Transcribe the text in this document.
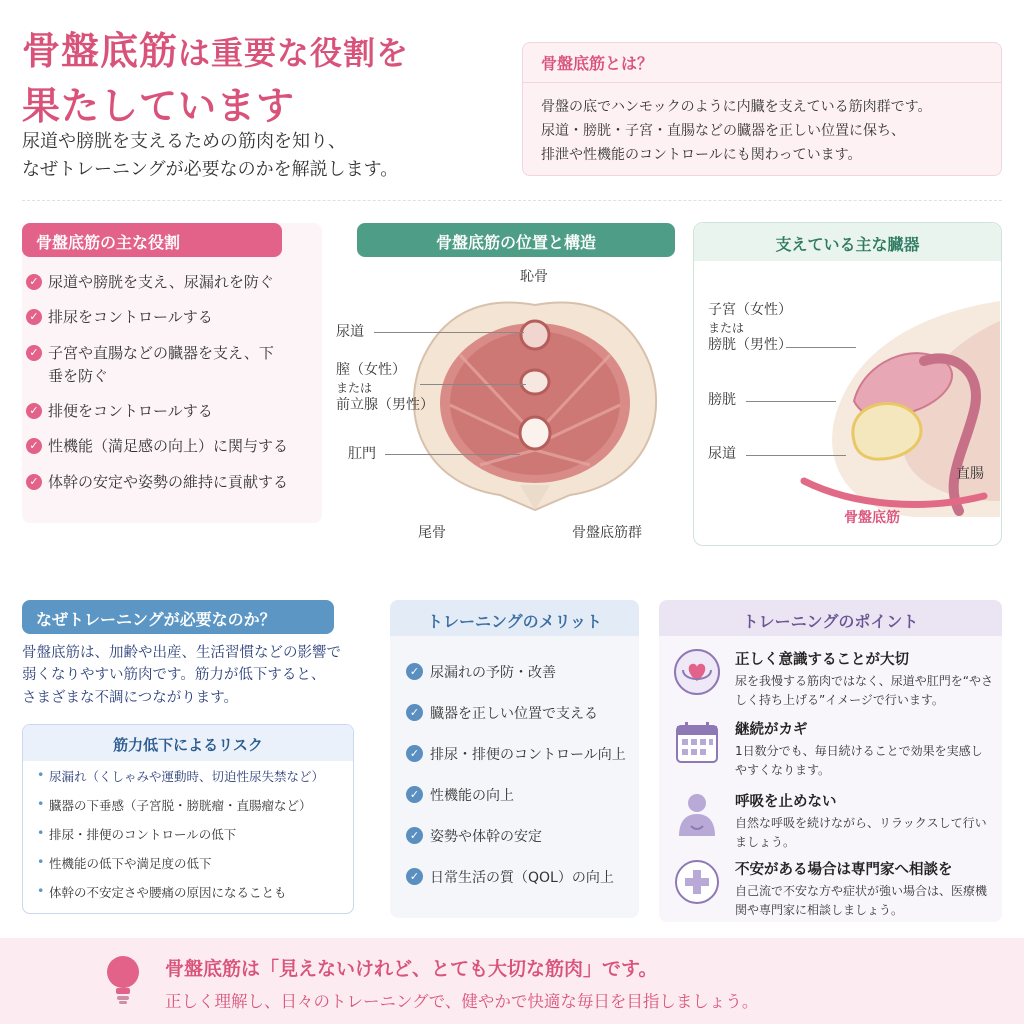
骨盤底筋は重要な役割を
果たしています
尿道や膀胱を支えるための筋肉を知り、
なぜトレーニングが必要なのかを解説します。
骨盤底筋とは？
骨盤の底でハンモックのように内臓を支えている筋肉群です。
尿道・膀胱・子宮・直腸などの臓器を正しい位置に保ち、
排泄や性機能のコントロールにも関わっています。
骨盤底筋の主な役割
✓ 尿道や膀胱を支え、尿漏れを防ぐ
✓ 排尿をコントロールする
✓ 子宮や直腸などの臓器を支え、下垂を防ぐ
✓ 排便をコントロールする
✓ 性機能（満足感の向上）に関与する
✓ 体幹の安定や姿勢の維持に貢献する
骨盤底筋の位置と構造
恥骨
尿道
膣（女性）
または
前立腺（男性）
肛門
尾骨	骨盤底筋群
支えている主な臓器
子宮（女性）
または
膀胱（男性）
膀胱
尿道
直腸
骨盤底筋
なぜトレーニングが必要なのか？
骨盤底筋は、加齢や出産、生活習慣などの影響で
弱くなりやすい筋肉です。筋力が低下すると、
さまざまな不調につながります。
筋力低下によるリスク
• 尿漏れ（くしゃみや運動時、切迫性尿失禁など）
• 臓器の下垂感（子宮脱・膀胱瘤・直腸瘤など）
• 排尿・排便のコントロールの低下
• 性機能の低下や満足度の低下
• 体幹の不安定さや腰痛の原因になることも
トレーニングのメリット
✓ 尿漏れの予防・改善
✓ 臓器を正しい位置で支える
✓ 排尿・排便のコントロール向上
✓ 性機能の向上
✓ 姿勢や体幹の安定
✓ 日常生活の質（QOL）の向上
トレーニングのポイント
正しく意識することが大切
尿を我慢する筋肉ではなく、尿道や肛門を“やさしく持ち上げる”イメージで行います。
継続がカギ
1日数分でも、毎日続けることで効果を実感しやすくなります。
呼吸を止めない
自然な呼吸を続けながら、リラックスして行いましょう。
不安がある場合は専門家へ相談を
自己流で不安な方や症状が強い場合は、医療機関や専門家に相談しましょう。
骨盤底筋は「見えないけれど、とても大切な筋肉」です。
正しく理解し、日々のトレーニングで、健やかで快適な毎日を目指しましょう。
